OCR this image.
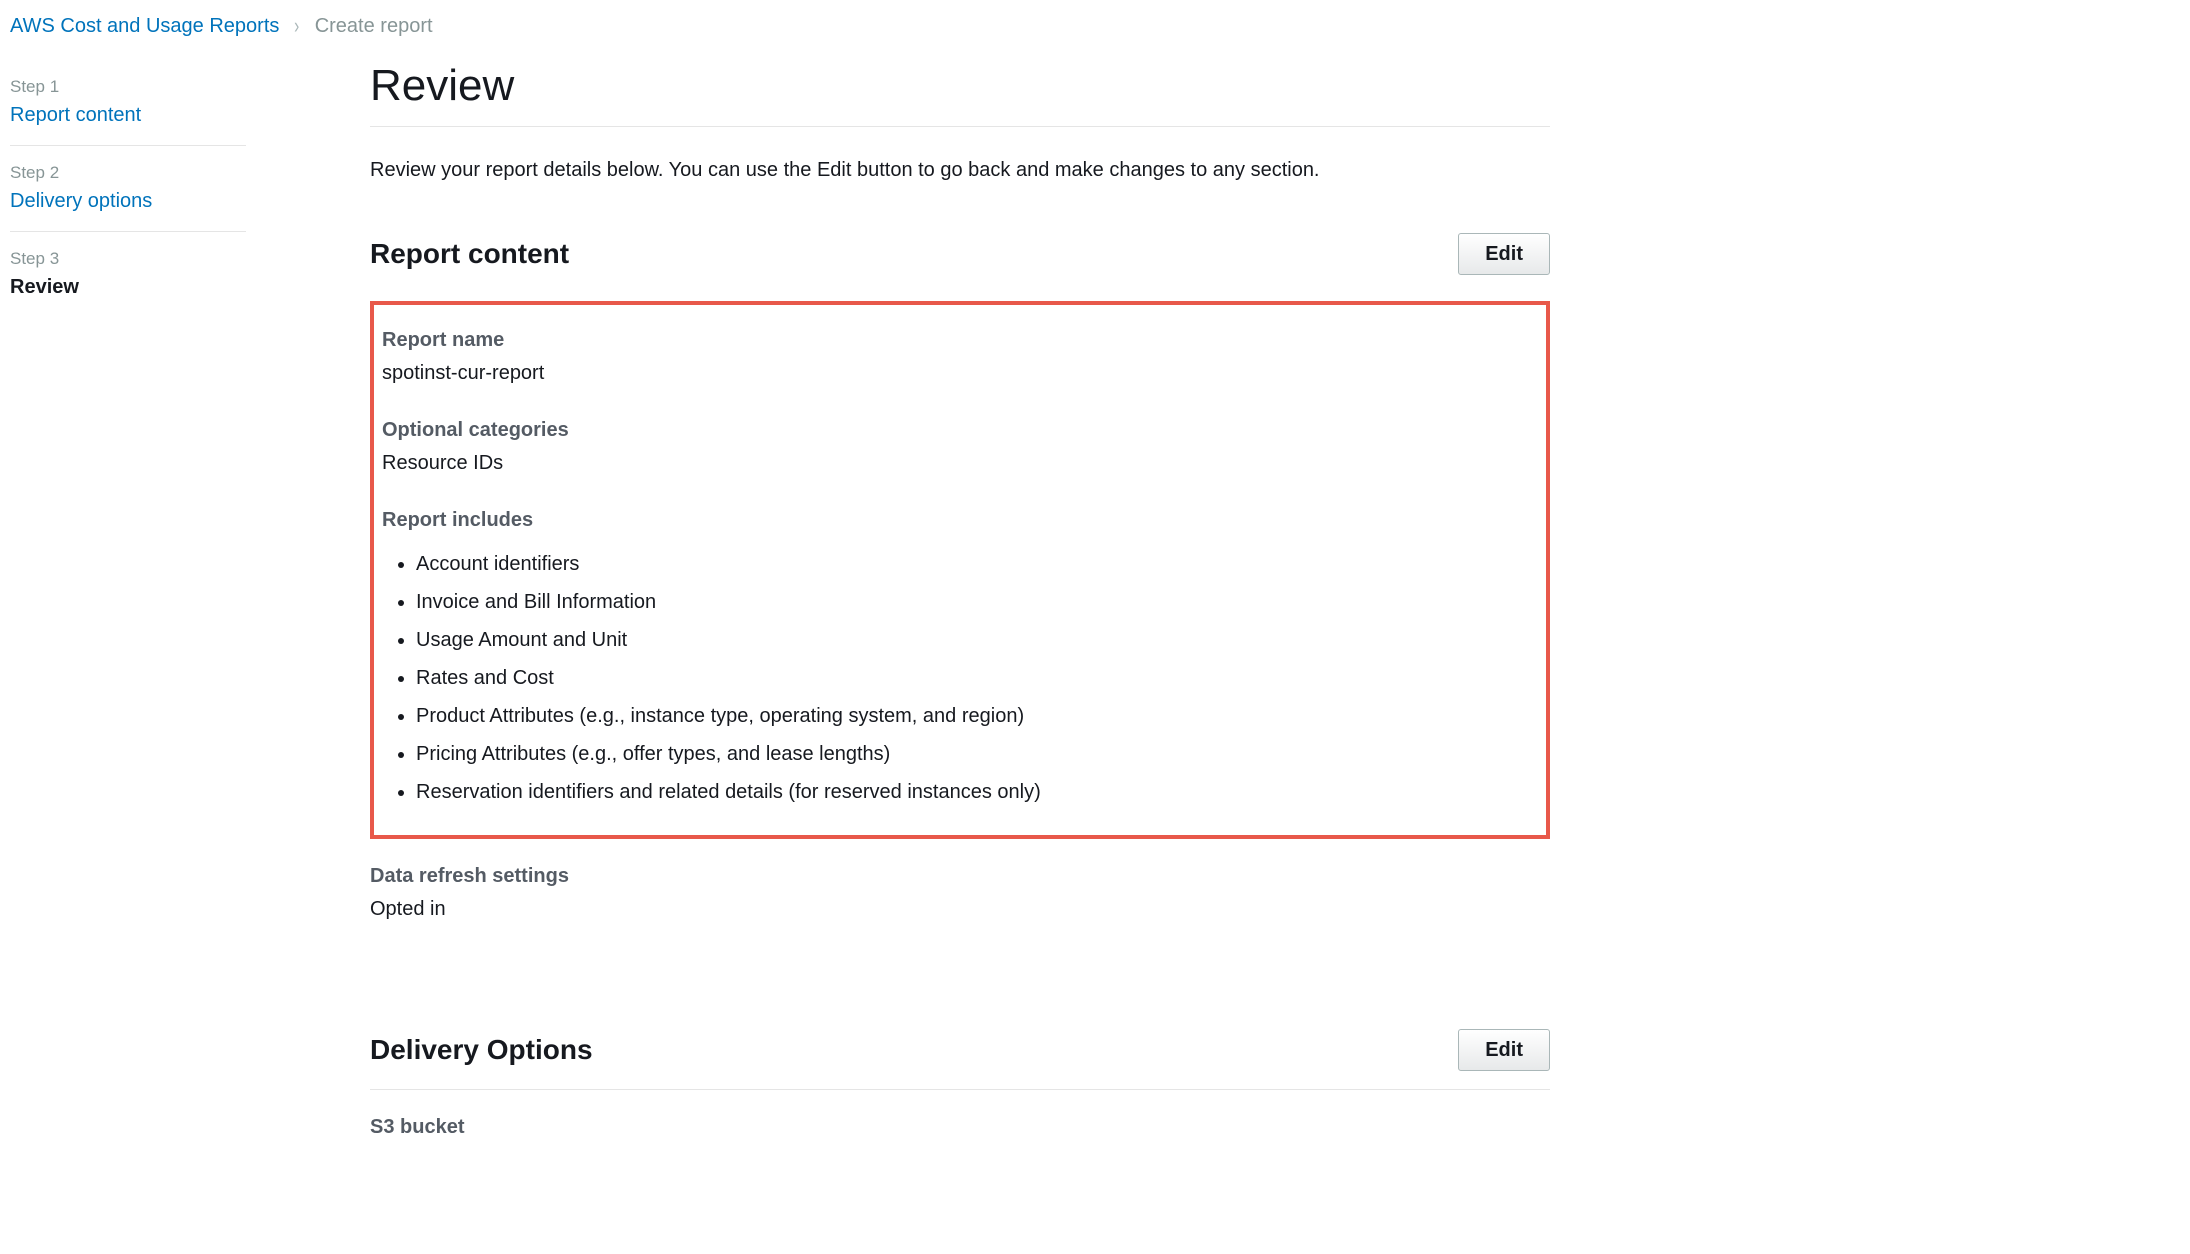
AWS Cost and Usage Reports › Create report
Step 1
Report content
Step 2
Delivery options
Step 3
Review
Review
Review your report details below. You can use the Edit button to go back and make changes to any section.
Report content	Edit
Report name
spotinst-cur-report
Optional categories
Resource IDs
Report includes
• Account identifiers
• Invoice and Bill Information
• Usage Amount and Unit
• Rates and Cost
• Product Attributes (e.g., instance type, operating system, and region)
• Pricing Attributes (e.g., offer types, and lease lengths)
• Reservation identifiers and related details (for reserved instances only)
Data refresh settings
Opted in
Delivery Options	Edit
S3 bucket
